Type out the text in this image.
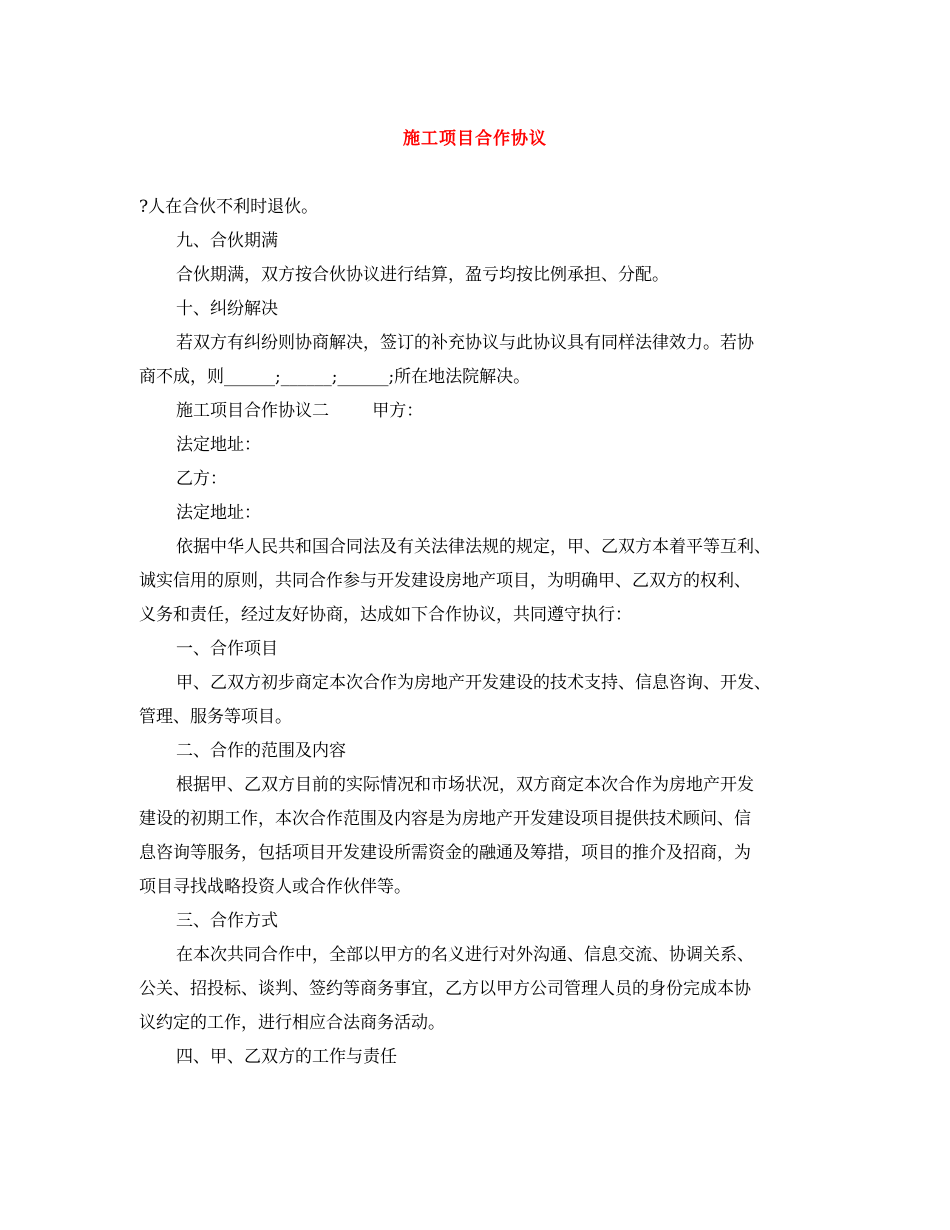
施工项目合作协议
?人在合伙不利时退伙。
九、合伙期满
合伙期满，双方按合伙协议进行结算，盈亏均按比例承担、分配。
十、纠纷解决
若双方有纠纷则协商解决，签订的补充协议与此协议具有同样法律效力。若协
商不成，则______;______;______;所在地法院解决。
施工项目合作协议二        甲方：
法定地址：
乙方：
法定地址：
依据中华人民共和国合同法及有关法律法规的规定，甲、乙双方本着平等互利、
诚实信用的原则，共同合作参与开发建设房地产项目，为明确甲、乙双方的权利、
义务和责任，经过友好协商，达成如下合作协议，共同遵守执行：
一、合作项目
甲、乙双方初步商定本次合作为房地产开发建设的技术支持、信息咨询、开发、
管理、服务等项目。
二、合作的范围及内容
根据甲、乙双方目前的实际情况和市场状况，双方商定本次合作为房地产开发
建设的初期工作，本次合作范围及内容是为房地产开发建设项目提供技术顾问、信
息咨询等服务，包括项目开发建设所需资金的融通及筹措，项目的推介及招商，为
项目寻找战略投资人或合作伙伴等。
三、合作方式
在本次共同合作中，全部以甲方的名义进行对外沟通、信息交流、协调关系、
公关、招投标、谈判、签约等商务事宜，乙方以甲方公司管理人员的身份完成本协
议约定的工作，进行相应合法商务活动。
四、甲、乙双方的工作与责任
